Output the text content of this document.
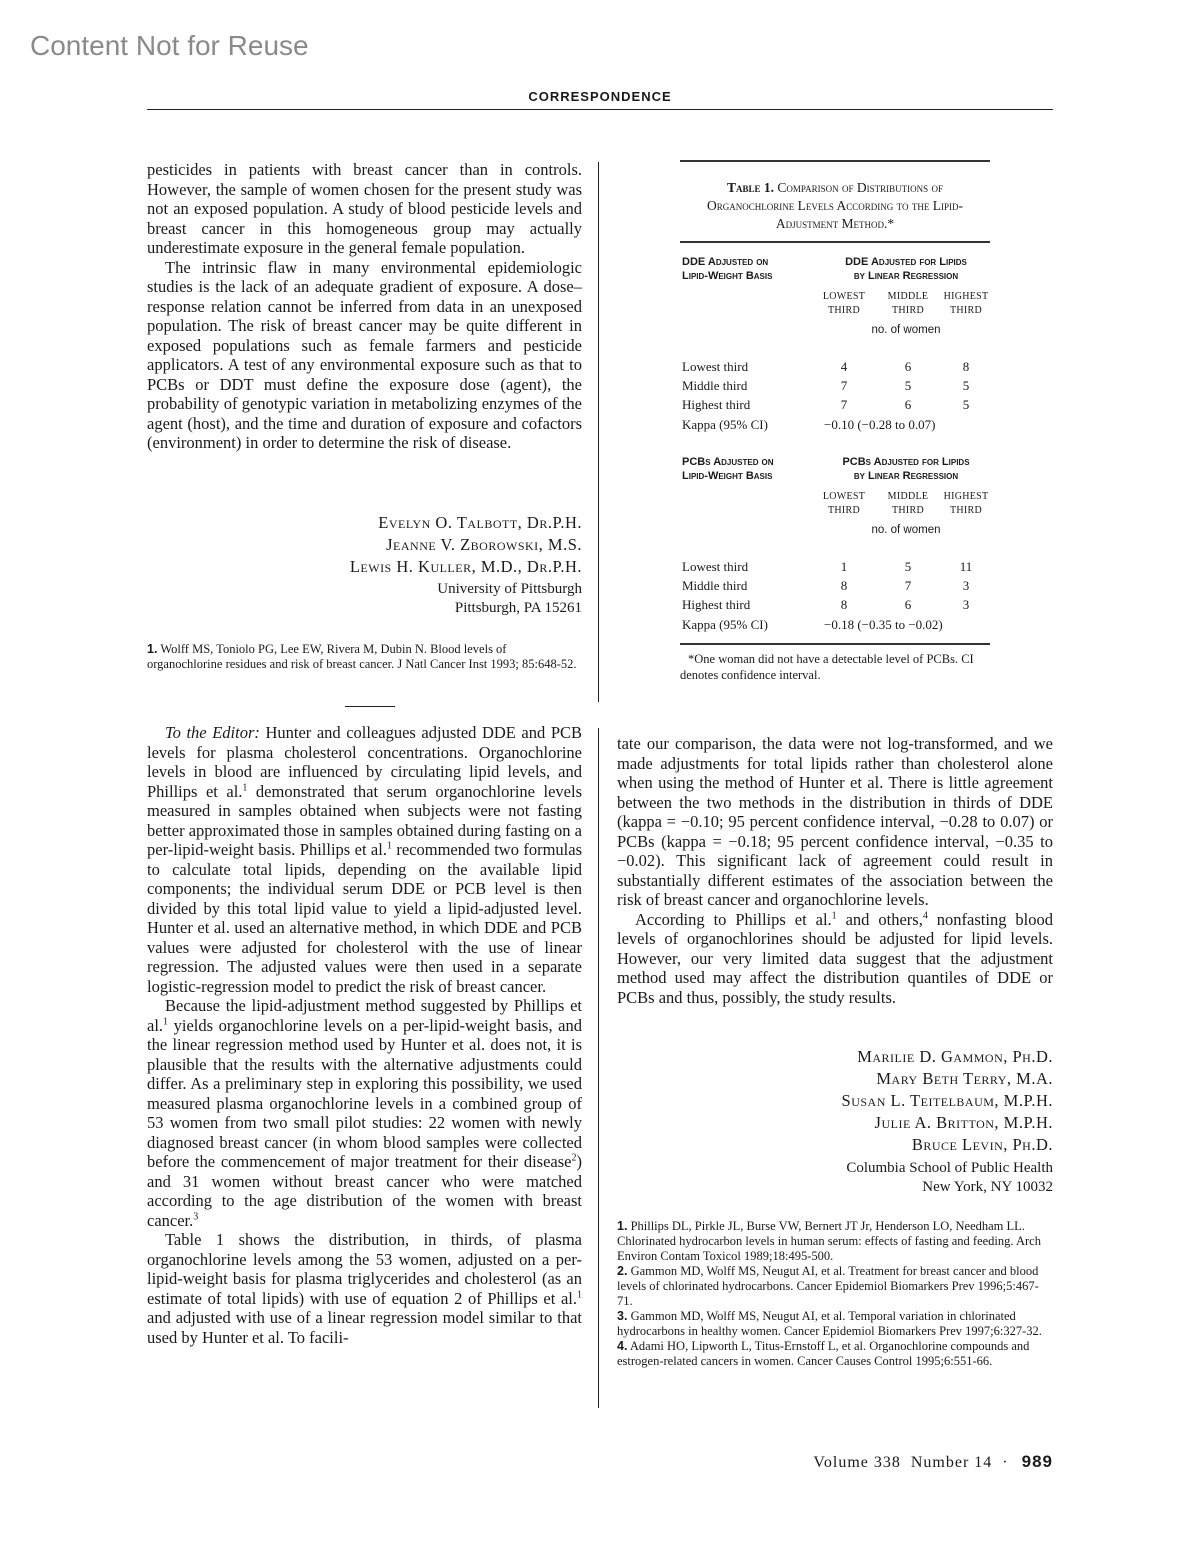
Content Not for Reuse
CORRESPONDENCE

pesticides in patients with breast cancer than in controls. However, the sample of women chosen for the present study was not an exposed population. A study of blood pesticide levels and breast cancer in this homogeneous group may actually underestimate exposure in the general female population.

The intrinsic flaw in many environmental epidemiologic studies is the lack of an adequate gradient of exposure. A dose–response relation cannot be inferred from data in an unexposed population. The risk of breast cancer may be quite different in exposed populations such as female farmers and pesticide applicators. A test of any environmental exposure such as that to PCBs or DDT must define the exposure dose (agent), the probability of genotypic variation in metabolizing enzymes of the agent (host), and the time and duration of exposure and cofactors (environment) in order to determine the risk of disease.

Evelyn O. Talbott, Dr.P.H.
Jeanne V. Zborowski, M.S.
Lewis H. Kuller, M.D., Dr.P.H.
University of Pittsburgh
Pittsburgh, PA 15261

1. Wolff MS, Toniolo PG, Lee EW, Rivera M, Dubin N. Blood levels of organochlorine residues and risk of breast cancer. J Natl Cancer Inst 1993; 85:648-52.

To the Editor: Hunter and colleagues adjusted DDE and PCB levels for plasma cholesterol concentrations. Organochlorine levels in blood are influenced by circulating lipid levels, and Phillips et al.$^1$ demonstrated that serum organochlorine levels measured in samples obtained when subjects were not fasting better approximated those in samples obtained during fasting on a per-lipid-weight basis. Phillips et al.$^1$ recommended two formulas to calculate total lipids, depending on the available lipid components; the individual serum DDE or PCB level is then divided by this total lipid value to yield a lipid-adjusted level. Hunter et al. used an alternative method, in which DDE and PCB values were adjusted for cholesterol with the use of linear regression. The adjusted values were then used in a separate logistic-regression model to predict the risk of breast cancer.

Because the lipid-adjustment method suggested by Phillips et al.$^1$ yields organochlorine levels on a per-lipid-weight basis, and the linear regression method used by Hunter et al. does not, it is plausible that the results with the alternative adjustments could differ. As a preliminary step in exploring this possibility, we used measured plasma organochlorine levels in a combined group of 53 women from two small pilot studies: 22 women with newly diagnosed breast cancer (in whom blood samples were collected before the commencement of major treatment for their disease$^2$) and 31 women without breast cancer who were matched according to the age distribution of the women with breast cancer.$^3$

Table 1 shows the distribution, in thirds, of plasma organochlorine levels among the 53 women, adjusted on a per-lipid-weight basis for plasma triglycerides and cholesterol (as an estimate of total lipids) with use of equation 2 of Phillips et al.$^1$ and adjusted with use of a linear regression model similar to that used by Hunter et al. To facili-

Table 1. Comparison of Distributions of Organochlorine Levels According to the Lipid-Adjustment Method.*
DDE Adjusted on
Lipid-Weight Basis
DDE Adjusted for Lipids
by Linear Regression
LOWEST
THIRD
MIDDLE
THIRD
HIGHEST
THIRD
no. of women
Lowest third	4	6	8
Middle third	7	5	5
Highest third	7	6	5
Kappa (95% CI)	−0.10 (−0.28 to 0.07)
PCBs Adjusted on
Lipid-Weight Basis
PCBs Adjusted for Lipids
by Linear Regression
LOWEST
THIRD
MIDDLE
THIRD
HIGHEST
THIRD
no. of women
Lowest third	1	5	11
Middle third	8	7	3
Highest third	8	6	3
Kappa (95% CI)	−0.18 (−0.35 to −0.02)

*One woman did not have a detectable level of PCBs. CI denotes confidence interval.

tate our comparison, the data were not log-transformed, and we made adjustments for total lipids rather than cholesterol alone when using the method of Hunter et al. There is little agreement between the two methods in the distribution in thirds of DDE (kappa = −0.10; 95 percent confidence interval, −0.28 to 0.07) or PCBs (kappa = −0.18; 95 percent confidence interval, −0.35 to −0.02). This significant lack of agreement could result in substantially different estimates of the association between the risk of breast cancer and organochlorine levels.

According to Phillips et al.$^1$ and others,$^4$ nonfasting blood levels of organochlorines should be adjusted for lipid levels. However, our very limited data suggest that the adjustment method used may affect the distribution quantiles of DDE or PCBs and thus, possibly, the study results.

Marilie D. Gammon, Ph.D.
Mary Beth Terry, M.A.
Susan L. Teitelbaum, M.P.H.
Julie A. Britton, M.P.H.
Bruce Levin, Ph.D.
Columbia School of Public Health
New York, NY 10032

1. Phillips DL, Pirkle JL, Burse VW, Bernert JT Jr, Henderson LO, Needham LL. Chlorinated hydrocarbon levels in human serum: effects of fasting and feeding. Arch Environ Contam Toxicol 1989;18:495-500.

2. Gammon MD, Wolff MS, Neugut AI, et al. Treatment for breast cancer and blood levels of chlorinated hydrocarbons. Cancer Epidemiol Biomarkers Prev 1996;5:467-71.

3. Gammon MD, Wolff MS, Neugut AI, et al. Temporal variation in chlorinated hydrocarbons in healthy women. Cancer Epidemiol Biomarkers Prev 1997;6:327-32.

4. Adami HO, Lipworth L, Titus-Ernstoff L, et al. Organochlorine compounds and estrogen-related cancers in women. Cancer Causes Control 1995;6:551-66.

Volume 338 Number 14 · 989
